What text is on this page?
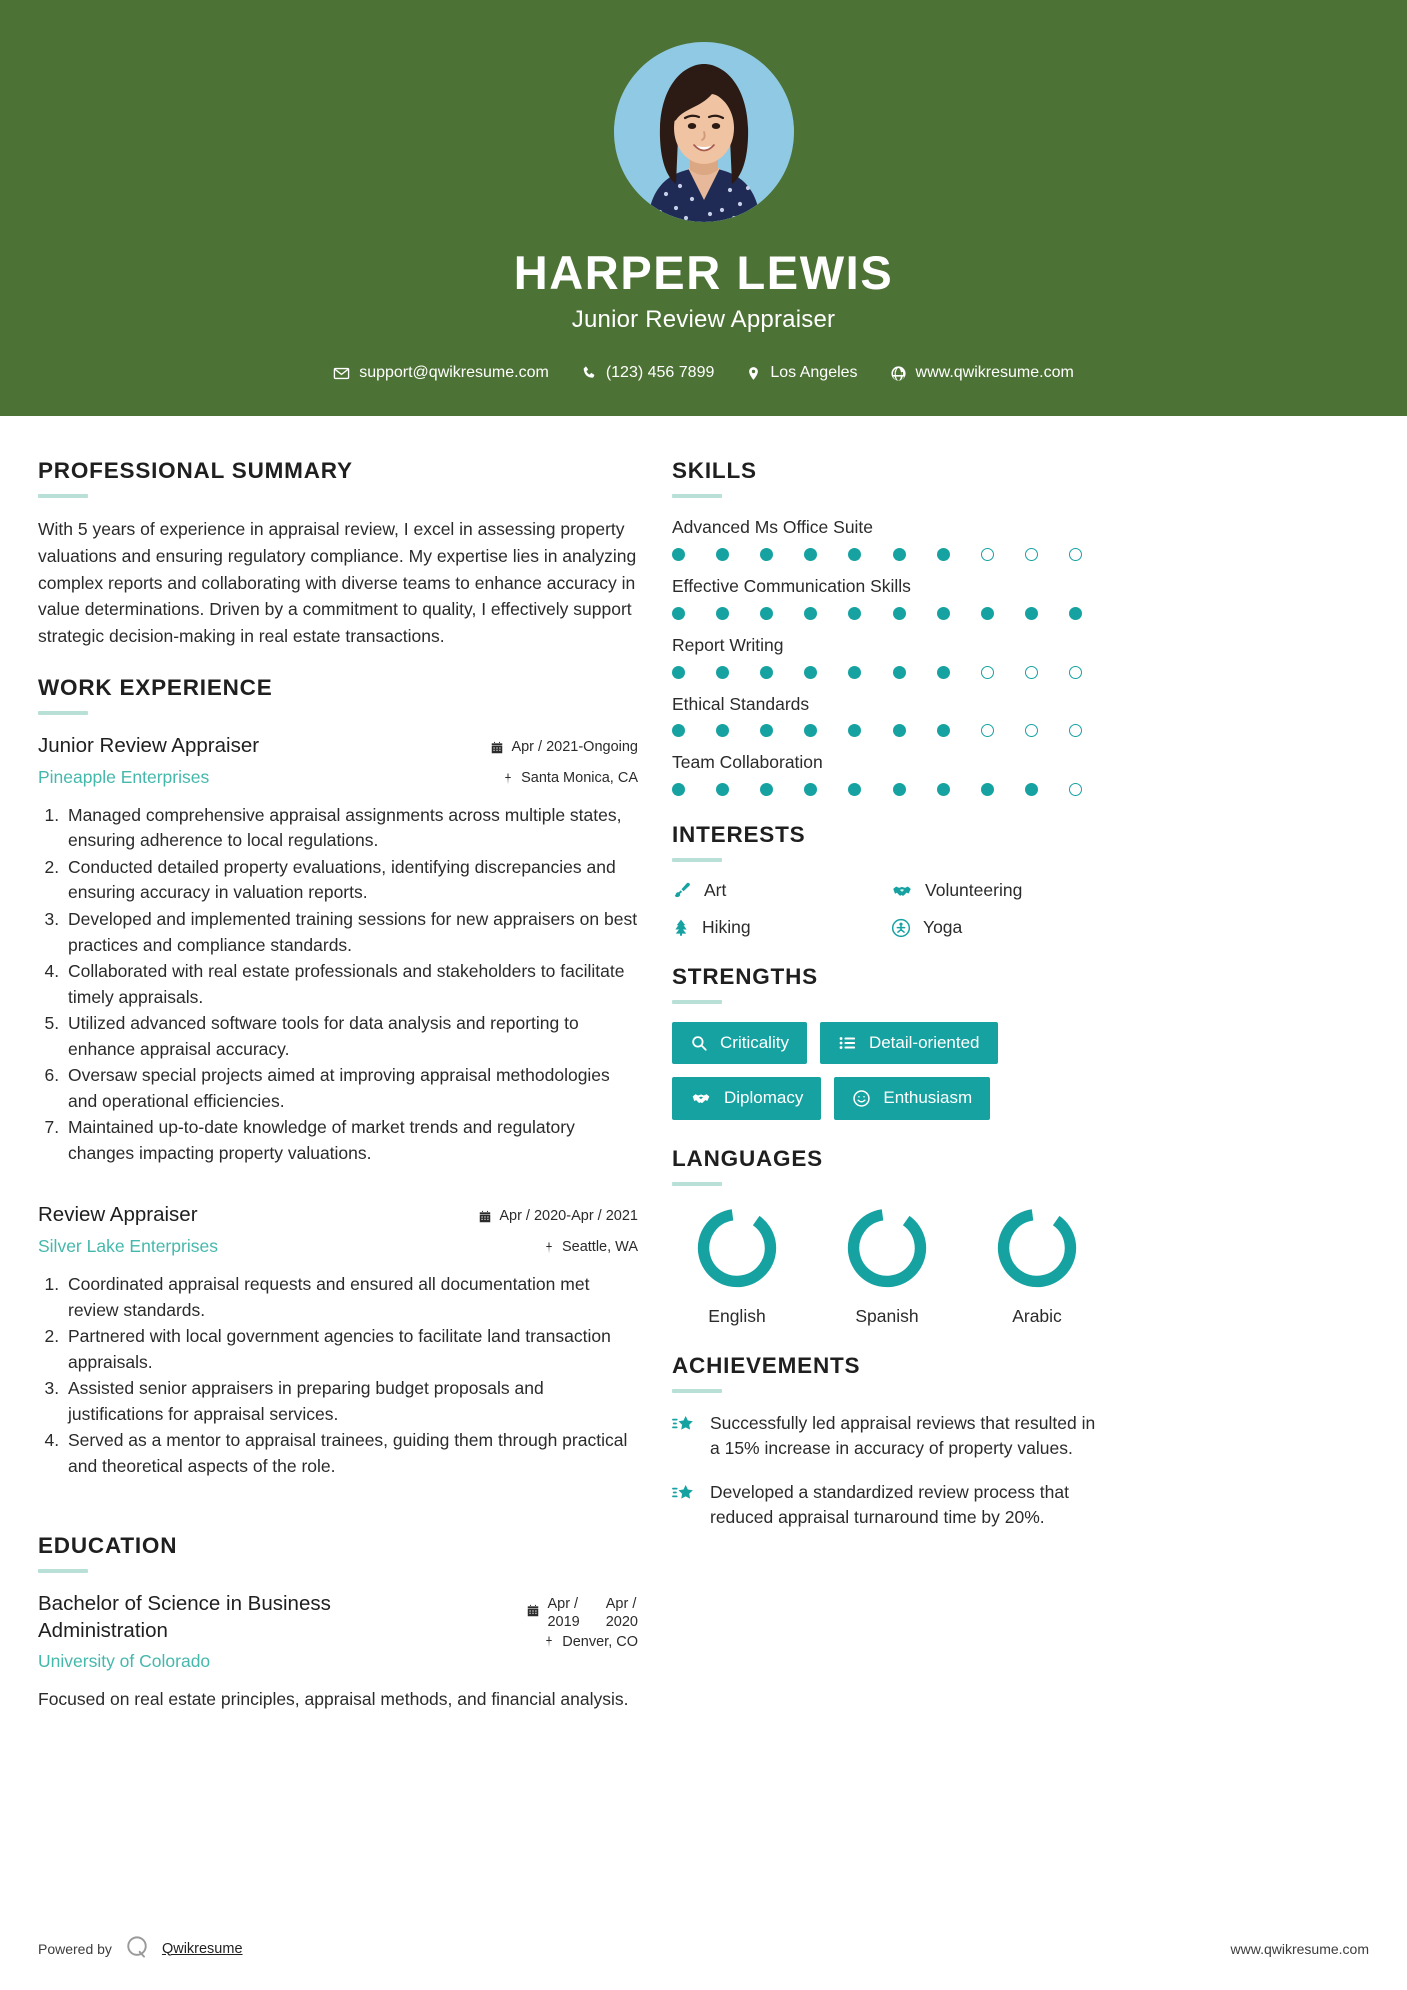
HARPER LEWIS
Junior Review Appraiser
support@qwikresume.com	(123) 456 7899	Los Angeles	www.qwikresume.com
PROFESSIONAL SUMMARY
With 5 years of experience in appraisal review, I excel in assessing property valuations and ensuring regulatory compliance. My expertise lies in analyzing complex reports and collaborating with diverse teams to enhance accuracy in value determinations. Driven by a commitment to quality, I effectively support strategic decision-making in real estate transactions.
WORK EXPERIENCE
Junior Review Appraiser
Pineapple Enterprises
Apr / 2021-Ongoing
Santa Monica, CA
1. Managed comprehensive appraisal assignments across multiple states, ensuring adherence to local regulations.
2. Conducted detailed property evaluations, identifying discrepancies and ensuring accuracy in valuation reports.
3. Developed and implemented training sessions for new appraisers on best practices and compliance standards.
4. Collaborated with real estate professionals and stakeholders to facilitate timely appraisals.
5. Utilized advanced software tools for data analysis and reporting to enhance appraisal accuracy.
6. Oversaw special projects aimed at improving appraisal methodologies and operational efficiencies.
7. Maintained up-to-date knowledge of market trends and regulatory changes impacting property valuations.
Review Appraiser
Silver Lake Enterprises
Apr / 2020-Apr / 2021
Seattle, WA
1. Coordinated appraisal requests and ensured all documentation met review standards.
2. Partnered with local government agencies to facilitate land transaction appraisals.
3. Assisted senior appraisers in preparing budget proposals and justifications for appraisal services.
4. Served as a mentor to appraisal trainees, guiding them through practical and theoretical aspects of the role.
EDUCATION
Bachelor of Science in Business Administration
University of Colorado
Apr /
2019
Apr /
2020
Denver, CO
Focused on real estate principles, appraisal methods, and financial analysis.
SKILLS
Advanced Ms Office Suite
Effective Communication Skills
Report Writing
Ethical Standards
Team Collaboration
INTERESTS
Art	Volunteering
Hiking	Yoga
STRENGTHS
Criticality	Detail-oriented
Diplomacy	Enthusiasm
LANGUAGES
English	Spanish	Arabic
ACHIEVEMENTS
Successfully led appraisal reviews that resulted in a 15% increase in accuracy of property values.
Developed a standardized review process that reduced appraisal turnaround time by 20%.
Powered by	Qwikresume	www.qwikresume.com
